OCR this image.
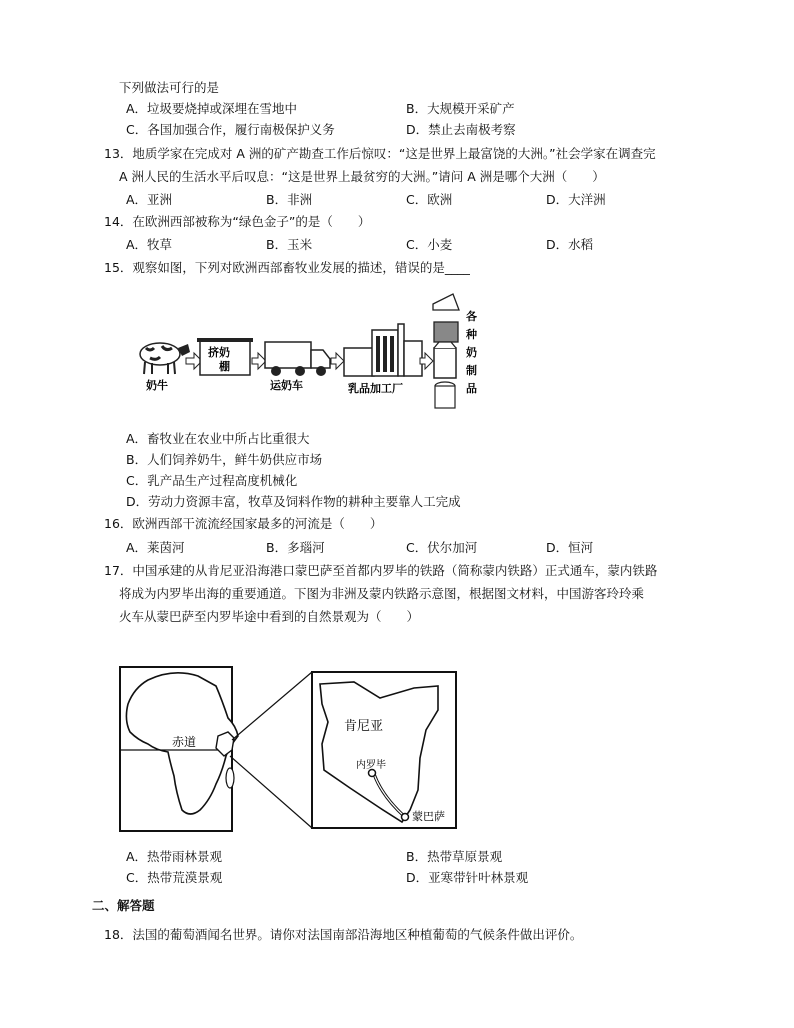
下列做法可行的是
A．垃圾要烧掉或深埋在雪地中	B．大规模开采矿产
C．各国加强合作，履行南极保护义务	D．禁止去南极考察
13．地质学家在完成对 A 洲的矿产勘查工作后惊叹：“这是世界上最富饶的大洲。”社会学家在调查完
A 洲人民的生活水平后叹息：“这是世界上最贫穷的大洲。”请问 A 洲是哪个大洲（　　）
A．亚洲	B．非洲	C．欧洲	D．大洋洲
14．在欧洲西部被称为“绿色金子”的是（　　）
A．牧草	B．玉米	C．小麦	D．水稻
15．观察如图，下列对欧洲西部畜牧业发展的描述，错误的是____
奶牛
挤奶
棚
运奶车	乳品加工厂
各
种
奶
制
品
A．畜牧业在农业中所占比重很大
B．人们饲养奶牛，鲜牛奶供应市场
C．乳产品生产过程高度机械化
D．劳动力资源丰富，牧草及饲料作物的耕种主要靠人工完成
16．欧洲西部干流流经国家最多的河流是（　　）
A．莱茵河	B．多瑙河	C．伏尔加河	D．恒河
17．中国承建的从肯尼亚沿海港口蒙巴萨至首都内罗毕的铁路（简称蒙内铁路）正式通车，蒙内铁路
将成为内罗毕出海的重要通道。下图为非洲及蒙内铁路示意图，根据图文材料，中国游客玲玲乘
火车从蒙巴萨至内罗毕途中看到的自然景观为（　　）
赤道
肯尼亚
内罗毕
蒙巴萨
A．热带雨林景观	B．热带草原景观
C．热带荒漠景观	D．亚寒带针叶林景观
二、解答题
18．法国的葡萄酒闻名世界。请你对法国南部沿海地区种植葡萄的气候条件做出评价。
